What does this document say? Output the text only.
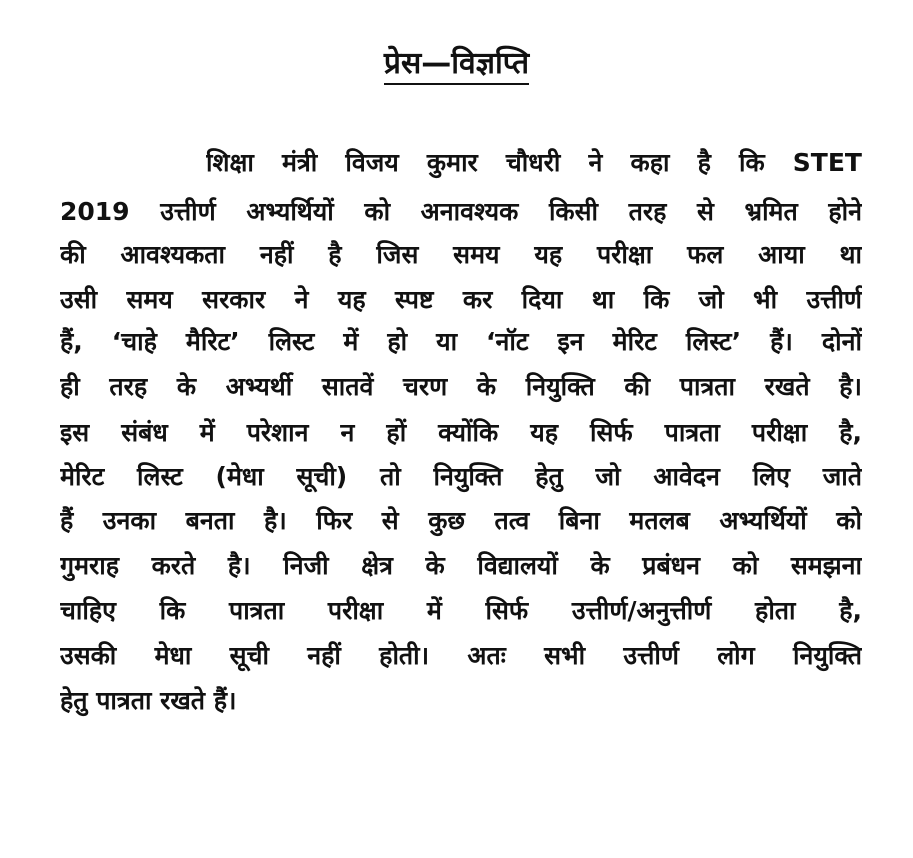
प्रेस—विज्ञप्ति
शिक्षा मंत्री विजय कुमार चौधरी ने कहा है कि STET
2019 उत्तीर्ण अभ्यर्थियों को अनावश्यक किसी तरह से भ्रमित होने
की आवश्यकता नहीं है जिस समय यह परीक्षा फल आया था
उसी समय सरकार ने यह स्पष्ट कर दिया था कि जो भी उत्तीर्ण
हैं, ‘चाहे मैरिट’ लिस्ट में हो या ‘नॉट इन मेरिट लिस्ट’ हैं। दोनों
ही तरह के अभ्यर्थी सातवें चरण के नियुक्ति की पात्रता रखते है।
इस संबंध में परेशान न हों क्योंकि यह सिर्फ पात्रता परीक्षा है,
मेरिट लिस्ट (मेधा सूची) तो नियुक्ति हेतु जो आवेदन लिए जाते
हैं उनका बनता है। फिर से कुछ तत्व बिना मतलब अभ्यर्थियों को
गुमराह करते है। निजी क्षेत्र के विद्यालयों के प्रबंधन को समझना
चाहिए कि पात्रता परीक्षा में सिर्फ उत्तीर्ण/अनुत्तीर्ण होता है,
उसकी मेधा सूची नहीं होती। अतः सभी उत्तीर्ण लोग नियुक्ति
हेतु पात्रता रखते हैं।
